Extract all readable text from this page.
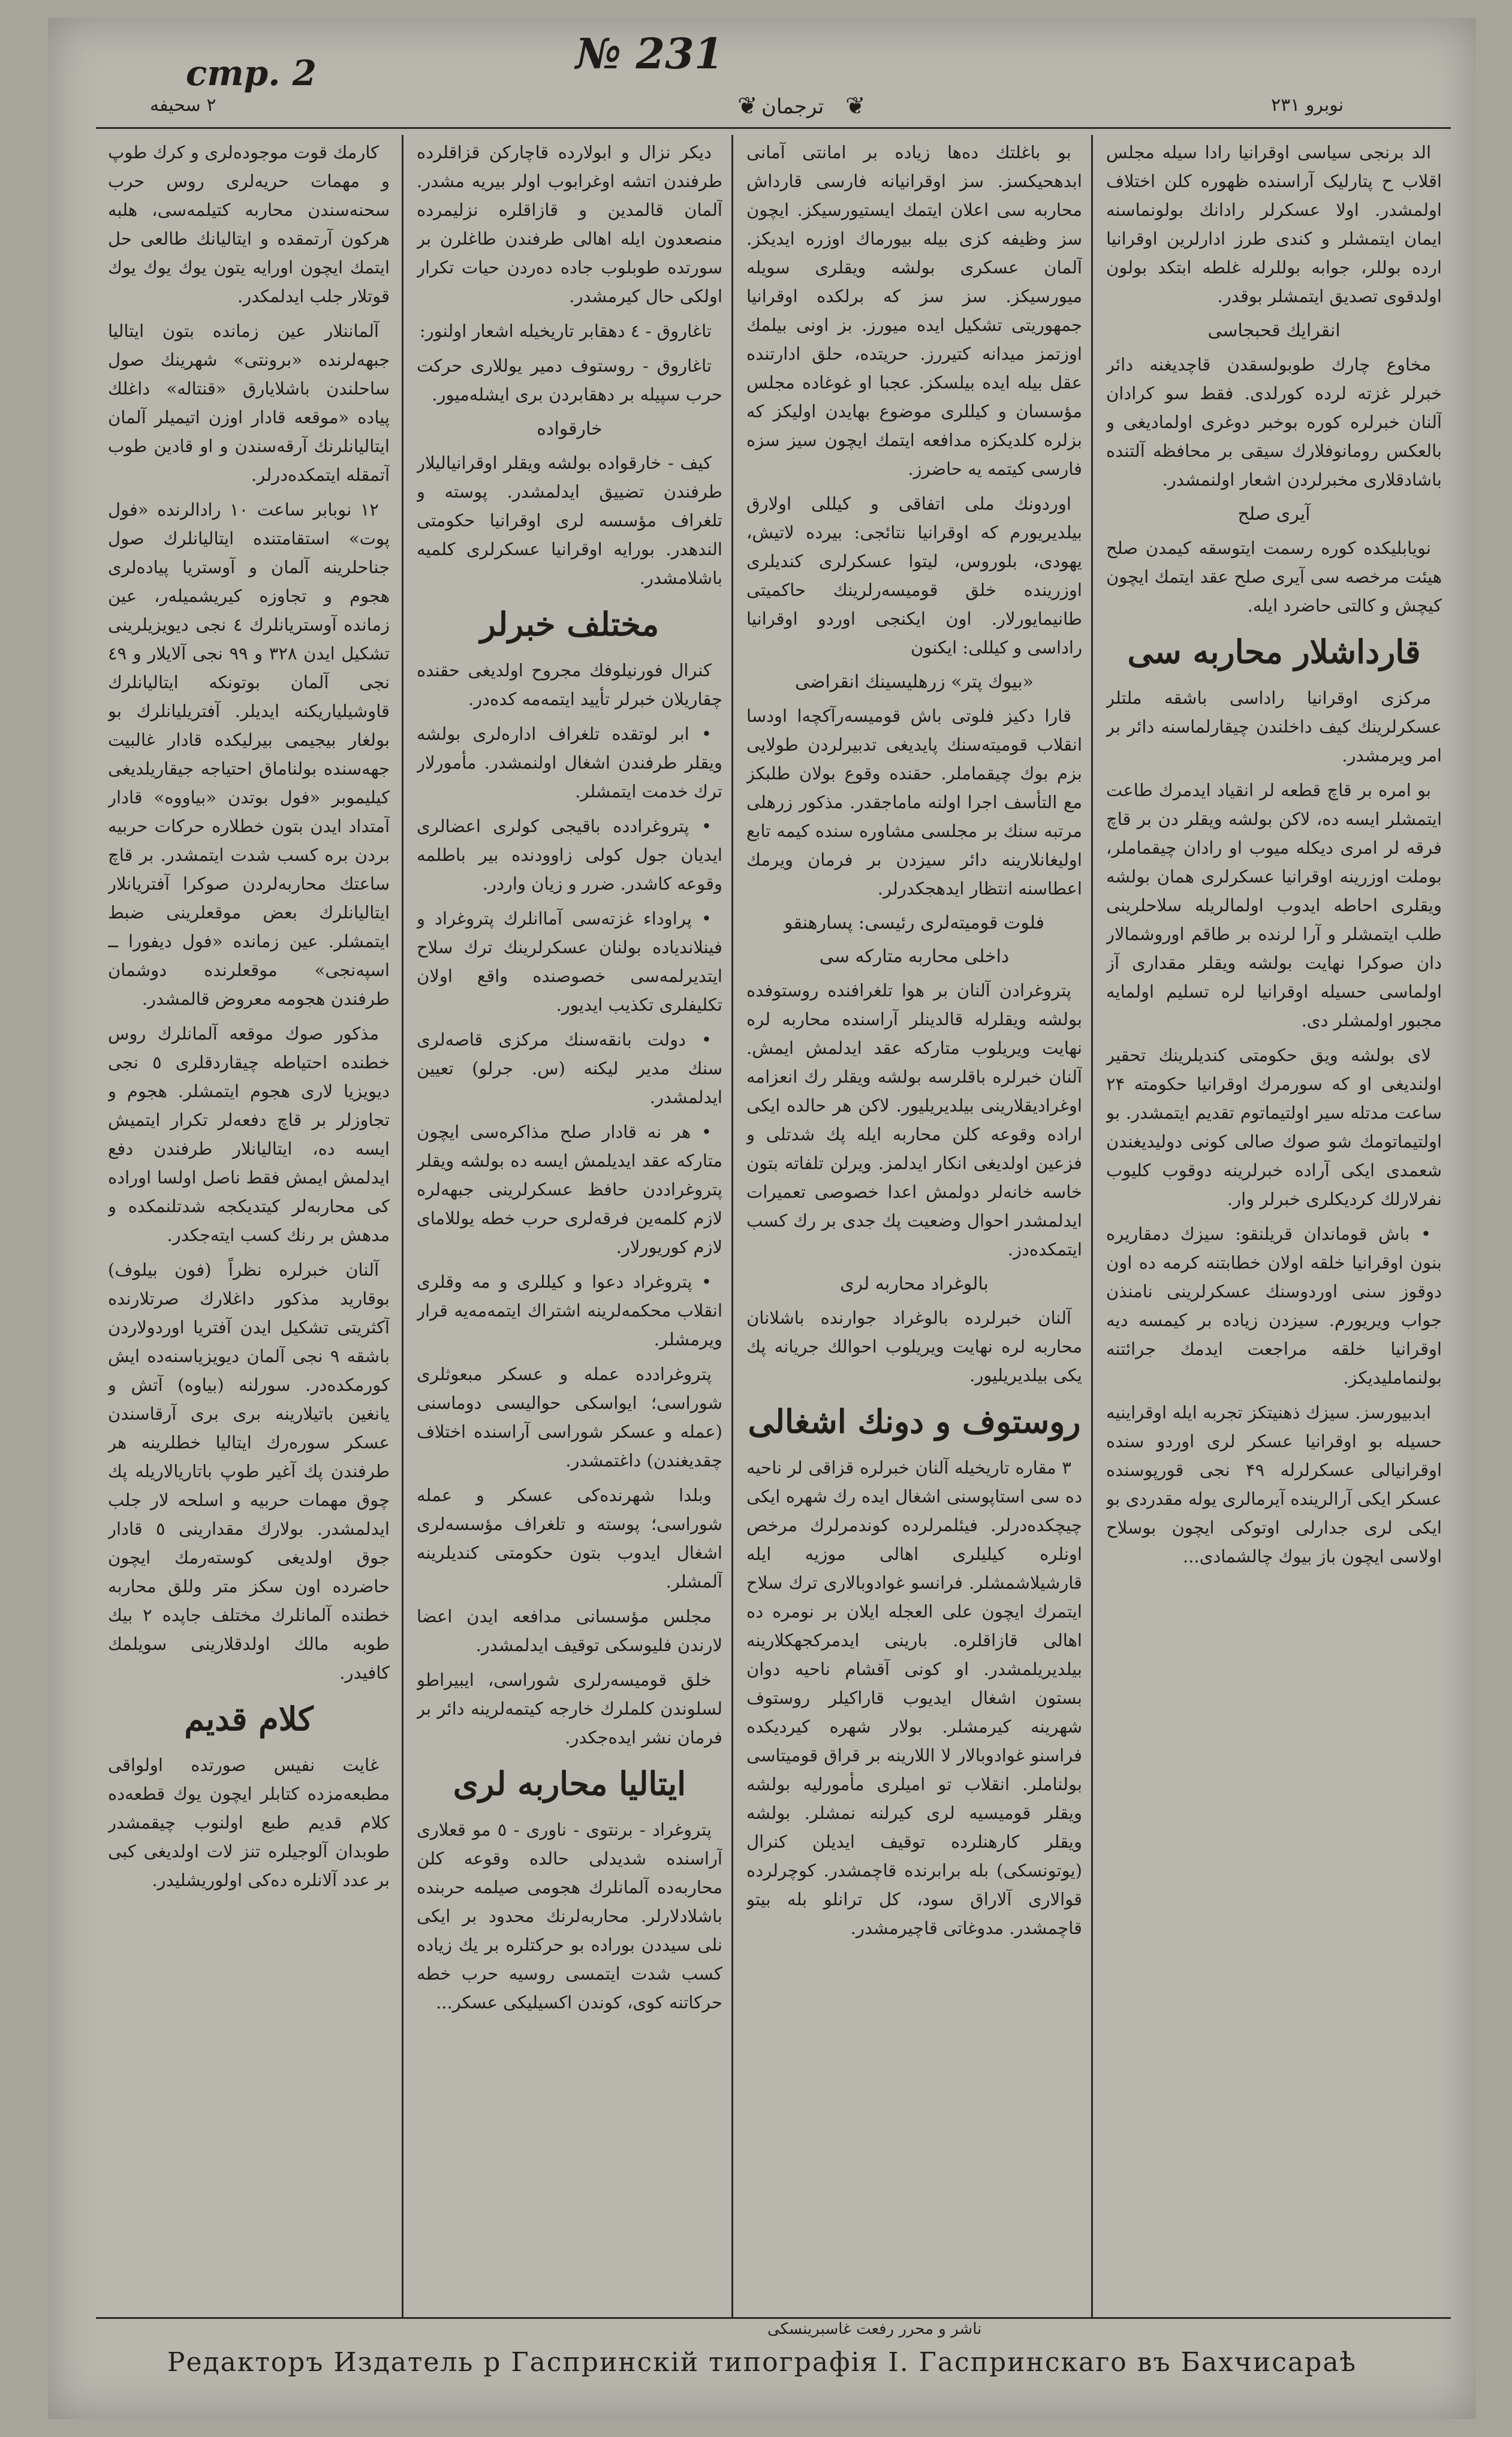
№ 231
стр. 2
٢ سحيفه	ترجمان
❦	❦	نوبرو ۲۳۱

الد برنجی سیاسی اوقرانیا رادا سیله مجلس اقلاب ح پتارلیک آراسنده ظهوره کلن اختلاف اولمشدر. اولا عسکرلر رادانك بولونماسنه ایمان ایتمشلر و کندی طرز ادارلرین اوقرانیا ارده بوللر، جوابه بوللرله غلطه ابتکد بولون اولدقوی تصدیق ایتمشلر بوقدر.

انقرایك قحبجاسی

مخاوع چارك طوبولسقدن قاچدیغنه دائر خبرلر غزته لرده کورلدی. فقط سو کرادان آلنان خبرلره کوره بوخبر دوغری اولمادیغی و بالعکس رومانوفلارك سیقی بر محافظه آلتنده باشادقلاری مخبرلردن اشعار اولنمشدر.

آیری صلح

نویابلیکده کوره رسمت ایتوسقه کیمدن صلح هیئت مرخصه سی آیری صلح عقد ایتمك ایچون کیچش و کالتی حاضرد ایله.

قارداشلار محاربه سی

مرکزی اوقرانیا راداسی باشقه ملتلر عسکرلرینك کیف داخلندن چیقارلماسنه دائر بر امر ویرمشدر.

بو امره بر قاچ قطعه لر انقیاد ایدمرك طاعت ایتمشلر ایسه ده، لاکن بولشه ویقلر دن بر قاچ فرقه لر امری دیکله میوب او رادان چیقماملر، بوملت اوزرینه اوقرانیا عسکرلری همان بولشه ویقلری احاطه ایدوب اولمالریله سلاحلرینی طلب ایتمشلر و آرا لرنده بر طاقم اوروشمالار دان صوکرا نهایت بولشه ویقلر مقداری آز اولماسی حسیله اوقرانیا لره تسلیم اولمایه مجبور اولمشلر دی.

لای بولشه ویق حکومتی کندیلرینك تحقیر اولندیغی او که سورمرك اوقرانیا حکومته ۲۴ ساعت مدتله سیر اولتیماتوم تقدیم ایتمشدر. بو اولتیماتومك شو صوك صالی کونی دولیدیغندن شعمدی ایکی آراده خبرلرینه دوقوب کلیوب نفرلارلك کردیکلری خبرلر وار.

• باش قوماندان قریلنقو: سیزك دمقاریره بنون اوقرانیا خلقه اولان خطابتنه کرمه ده اون دوقوز سنی اوردوسنك عسکرلرینی نامنذن جواب ویریورم. سیزدن زیاده بر کیمسه دیه اوقرانیا خلقه مراجعت ایدمك جرائتنه بولنماملیدیکز.

ابدبیورسز. سیزك ذهنیتکز تجربه ایله اوقراینیه حسیله بو اوقرانیا عسکر لری اوردو سنده اوقرانیالی عسکرلرله ۴۹ نجی قورپوسنده عسکر ایکی آرالرینده آیرمالری یوله مقدردی بو ایکی لری جدارلی اوتوکی ایچون بوسلاح اولاسی ایچون باز بیوك چالشمادی...

بو باغلتك ده‌ها زیاده بر امانتی آمانی ابدهحیکسز. سز اوقرانیانه فارسی قارداش محاربه سی اعلان ایتمك ایستیورسیکز. ایچون سز وظیفه کزی بیله بیورماك اوزره ایدیکز. آلمان عسکری بولشه ویقلری سویله میورسیکز. سز سز که برلکده اوقرانیا جمهوریتی تشکیل ایده میورز. بز اونی بیلمك اوزتمز میدانه کتیررز. حریتده، حلق ادارتنده عقل بیله ایده بیلسکز. عجبا او غوغاده مجلس مؤسسان و کیللری موضوع بهایدن اولیکز که بزلره کلدیکزه مدافعه ایتمك ایچون سیز سزه فارسی کیتمه یه حاضرز.

اوردونك ملی اتفاقی و کیللی اولارق بیلدیریورم که اوقرانیا نتائجی: بیرده لاتیش، یهودی، بلوروس، لیتوا عسکرلری کندیلری اوزرینده خلق قومیسه‌رلرینك حاکمیتی طانیمایورلار. اون ایکنجی اوردو اوقرانیا راداسی و کیللی: ایکنون

«بیوك پتر» زرهلیسینك انقراضی

قارا دکیز فلوتی باش قومیسه‌رآکچه‌ا اودسا انقلاب قومیته‌سنك پایدیغی تدبیرلردن طولایی بزم بوك چیقماملر. حقنده وقوع بولان طلبکز مع التأسف اجرا اولنه ماماجقدر. مذکور زرهلی مرتبه سنك بر مجلسی مشاوره سنده کیمه تابع اولیغانلارینه دائر سیزدن بر فرمان ویرمك اعطاسنه انتظار ایدهجکدرلر.

فلوت قومیته‌لری رئیسی: پسارهنقو
داخلی محاربه متارکه سی

پتروغرادن آلنان بر هوا تلغرافنده روستوفده بولشه ویقلرله قالدینلر آراسنده محاربه لره نهایت ویریلوب متارکه عقد ایدلمش ایمش. آلنان خبرلره باقلرسه بولشه ویقلر رك انعزامه اوغرادیقلارینی بیلدیریلیور. لاکن هر حالده ایکی اراده وقوعه کلن محاربه ایله پك شدتلی و فزعین اولدیغی انکار ایدلمز. ویرلن تلفاته بتون خاسه خانه‌لر دولمش اعدا خصوصی تعمیرات ایدلمشدر احوال وضعیت پك جدی بر رك کسب ایتمکده‌دز.

بالوغراد محاربه لری

آلنان خبرلرده بالوغراد جوارنده باشلانان محاربه لره نهایت ویریلوب احوالك جریانه پك یکی بیلدیریلیور.

روستوف و دونك اشغالی

۳ مقاره تاریخیله آلنان خبرلره قزاقی لر ناحیه ده سی استاپوسنی اشغال ایده رك شهره ایکی چیچکده‌درلر. فیئلمرلرده کوندمرلرك مرخص اونلره کیلیلری اهالی موزیه ایله قارشیلاشمشلر. فرانسو غوادوبالاری ترك سلاح ایتمرك ایچون علی العجله ایلان بر نومره ده اهالی قازاقلره. بارینی ایدمرکجهکلارینه بیلدیریلمشدر. او کونی آقشام ناحیه ‌دوان بستون اشغال ایدیوب قاراکیلر روستوف شهرینه کیرمشلر. بولار شهره کیردیکده فراسنو غوادوبالار لا اللارینه بر قراق قومیتاسی بولناملر. انقلاب تو امیلری مأمورلیه بولشه ویقلر قومیسیه لری کیرلنه نمشلر. بولشه ویقلر کارهنلرده توقیف ایدیلن کنرال (یوتونسکی) بله برابرنده قاچمشدر. کوچرلرده قوالاری آلاراق سود، کل ترانلو بله بیتو قاچمشدر. مدوغاتی قاچیرمشدر.

دیکر نزال و ابولارده قاچارکن قزاقلرده طرفندن اتشه اوغرابوب اولر بیریه مشدر. آلمان قالمدین و قازاقلره نزلیمرده منصعدون ایله اهالی طرفندن طاغلرن بر سورتده طوبلوب جاده ده‌ردن حیات تکرار اولکی حال کیرمشدر.

تاغاروق - ٤ دهقابر تاریخیله اشعار اولنور:

تاغاروق - روستوف دمیر یوللاری حرکت حرب سپیله بر دهقابردن بری ایشله‌میور.

خارقواده

کیف - خارقواده بولشه ویقلر اوقرانیالیلار طرفندن تضییق ایدلمشدر. پوسته و تلغراف مؤسسه لری اوقرانیا حکومتی الندهدر. بورایه اوقرانیا عسکرلری کلمیه باشلامشدر.

مختلف خبرلر

کنرال فورنیلوفك مجروح اولدیغی حقنده چقاریلان خبرلر تأیید ایتمه‌مه کده‌در.

• ابر لوتقده تلغراف اداره‌لری بولشه ویقلر طرفندن اشغال اولنمشدر. مأمورلار ترك خدمت ایتمشلر.

• پتروغرادده باقیجی کولری اعضالری ایدیان جول کولی زاوودنده بیر باطلمه وقوعه کاشدر. ضرر و زیان واردر.

• پراوداء غزته‌سی آماانلرك پتروغراد و فینلاندیاده بولنان عسکرلرینك ترك سلاح ایتدیرلمه‌سی خصوصنده واقع اولان تکلیفلری تکذیب ایدیور.

• دولت بانقه‌سنك مرکزی قاصه‌لری سنك مدیر لیکنه (س. جرلو) تعیین ایدلمشدر.

• هر نه قادار صلح مذاکره‌سی ایچون متارکه عقد ایدیلمش ایسه ده بولشه ویقلر پتروغراددن حافظ عسکرلرینی جبهه‌لره لازم کلمه‌ین فرقه‌لری حرب خطه یوللامای لازم کوریورلار.

• پتروغراد دعوا و کیللری و مه وقلری انقلاب محکمه‌لرینه اشتراك ایتمه‌مه‌یه قرار ویرمشلر.

پتروغرادده عمله و عسکر مبعوثلری شوراسی؛ ایواسکی حوالیسی دوماسنی (عمله و عسکر شوراسی آراسنده اختلاف چقدیغندن) داغتمشدر.

وبلدا شهرنده‌کی عسکر و عمله شوراسی؛ پوسته و تلغراف مؤسسه‌لری اشغال ایدوب بتون حکومتی کندیلرینه آلمشلر.

مجلس مؤسسانی مدافعه ایدن اعضا لارندن فلیوسکی توقیف ایدلمشدر.

خلق قومیسه‌رلری شوراسی، ایبیراطو لسلوندن کلملرك خارجه کیتمه‌لرینه دائر بر فرمان نشر ایده‌جکدر.

ایتالیا محاربه لری

پتروغراد - برنتوی - ناوری - ٥ مو قعلاری آراسنده شدیدلی حالده وقوعه کلن محاربه‌ده آلمانلرك هجومی صیلمه حربنده باشلادلارلر. محاربه‌لرنك محدود بر ایکی نلی سیددن بوراده بو حرکتلره بر یك زیاده کسب شدت ایتمسی روسیه حرب خطه حرکاتنه کوی، کوندن اکسیلیکی عسکر...

کارمك قوت موجوده‌لری و کرك طوپ و مهمات حریه‌لری روس حرب سحنه‌سندن محاربه کتیلمه‌سی، هلبه هرکون آرتمقده و ایتالیانك طالعی حل ایتمك ایچون اورایه یتون یوك یوك یوك قوتلار جلب ایدلمکدر.

آلماننلار عین زمانده بتون ایتالیا جبهه‌لرنده «برونتی» شهرینك صول ساحلندن باشلایارق «قنتاله» داغلك پیاده «موقعه قادار اوزن اتیمیلر آلمان ایتالیانلرنك آرقه‌سندن و او قادین طوب آتمقله ایتمکده‌درلر.

۱۲ نوبابر ساعت ۱۰ رادالرنده «فول پوت» استقامتنده ایتالیانلرك صول جناحلرینه آلمان و آوستریا پیاده‌لری هجوم و تجاوزه کیریشمیله‌ر، عین زمانده آوستریانلرك ٤ نجی دیویزیلرینی تشکیل ایدن ٣٢٨ و ۹۹ نجی آلایلار و ٤٩ نجی آلمان بوتونکه ایتالیانلرك قاوشیلیاریکنه ایدیلر. آفتریلیانلرك بو بولغار بیجیمی بیرلیکده قادار غالبیت جهه‌سنده بولناماق احتیاجه جیقاریلدیغی کیلیموبر «فول بوتدن «بیاووه» قادار آمتداد ایدن بتون خطلاره حرکات حربیه بردن بره کسب شدت ایتمشدر. بر قاچ ساعتك محاربه‌لردن صوکرا آفتریانلار ایتالیانلرك بعض موقعلرینی ضبط ایتمشلر. عین زمانده «فول دیفورا ــ اسپه‌نجی» موقعلرنده دوشمان طرفندن هجومه معروض قالمشدر.

مذکور صوك موقعه آلمانلرك روس خطنده احتیاطه چیقاردقلری ٥ نجی دیویزیا لاری هجوم ایتمشلر. هجوم و تجاوزلر بر قاچ دفعه‌لر تکرار ایتمیش ایسه ده، ایتالیانلار طرفندن دفع ایدلمش ایمش فقط ناصل اولسا اوراده کی محاربه‌لر کیتدیکجه شدتلنمکده و مدهش بر رنك کسب ایته‌جکدر.

آلنان خبرلره نظراً (فون بیلوف) بوقارید مذکور داغلارك صرتلارنده آکثریتی تشکیل ایدن آفتریا اوردولاردن باشقه ۹ نجی آلمان دیویزیاسنه‌ده ایش کورمکده‌در. سورلنه (بیاوه) آتش و یانغین باتیلارینه بری بری آرقاسندن عسکر سوره‌رك ایتالیا خطلرینه هر طرفندن پك آغیر طوپ باتاریالاریله پك چوق مهمات حربیه و اسلحه لار جلب ایدلمشدر. بولارك مقدارینی ٥ قادار جوق اولدیغی کوسته‌رمك ایچون حاضرده اون سکز متر وللق محاربه خطنده آلمانلرك مختلف جاپده ۲ بیك طوبه مالك اولدقلارینی سویلمك کافیدر.

کلام قدیم

غایت نفیس صورتده اولواقی مطبعه‌مزده کتابلر ایچون یوك قطعه‌ده کلام قدیم طبع اولنوب چیقمشدر طوبدان آلوجیلره تنز لات اولدیغی کبی بر عدد آلانلره ده‌کی اولوریشلیدر.

ناشر و محرر رفعت غاسبرینسکی
Редакторъ Издатель р Гаспринскій типографія I. Гаспринскаго въ Бахчисараѣ
